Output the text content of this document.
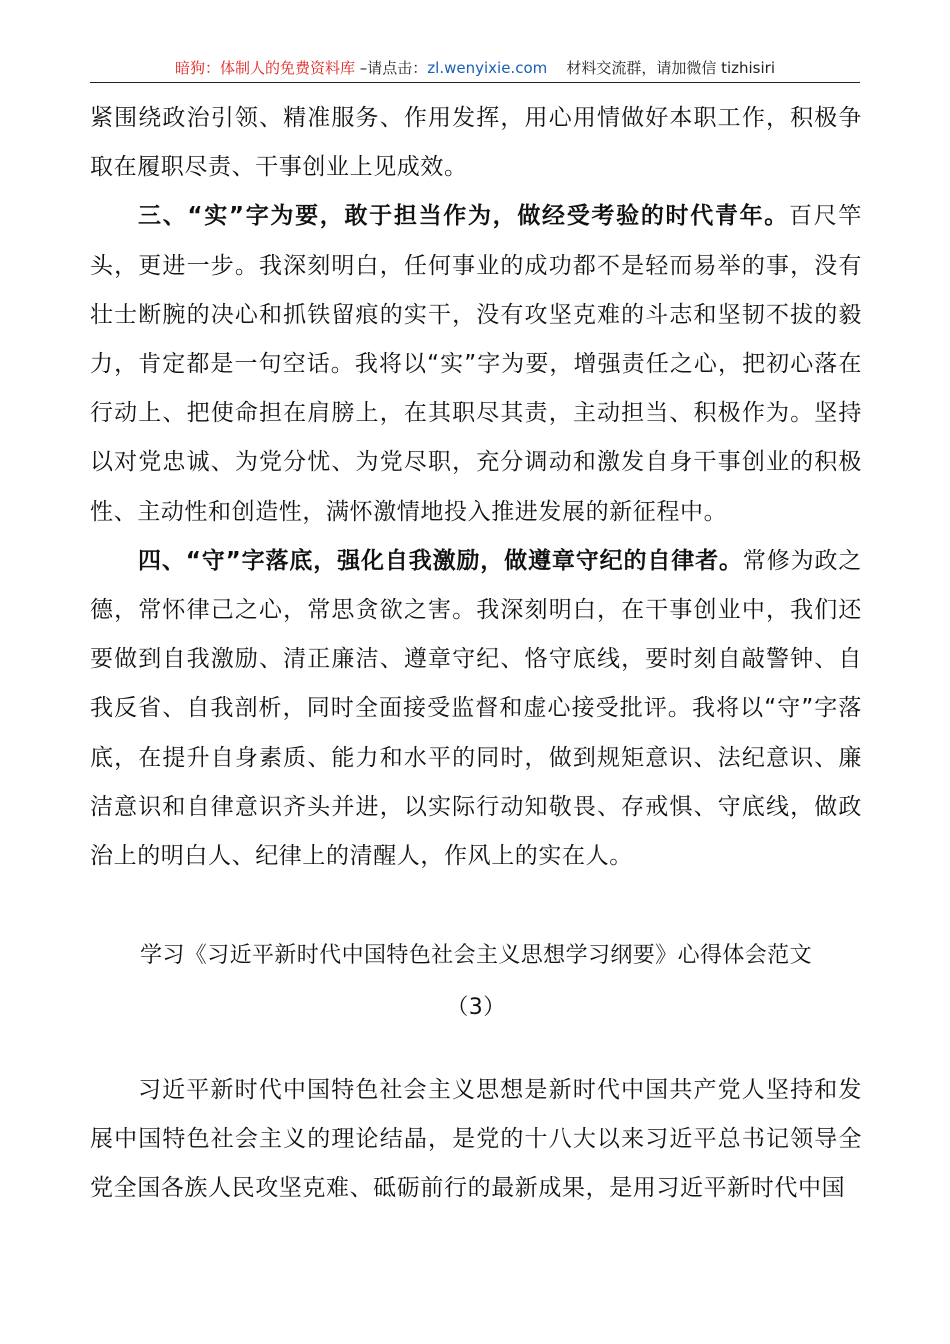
暗狗：体制人的免费资料库 –请点击：zl.wenyixie.com 材料交流群，请加微信 tizhisiri

紧围绕政治引领、精准服务、作用发挥，用心用情做好本职工作，积极争取在履职尽责、干事创业上见成效。

三、“实”字为要，敢于担当作为，做经受考验的时代青年。百尺竿头，更进一步。我深刻明白，任何事业的成功都不是轻而易举的事，没有壮士断腕的决心和抓铁留痕的实干，没有攻坚克难的斗志和坚韧不拔的毅力，肯定都是一句空话。我将以“实”字为要，增强责任之心，把初心落在行动上、把使命担在肩膀上，在其职尽其责，主动担当、积极作为。坚持以对党忠诚、为党分忧、为党尽职，充分调动和激发自身干事创业的积极性、主动性和创造性，满怀激情地投入推进发展的新征程中。

四、“守”字落底，强化自我激励，做遵章守纪的自律者。常修为政之德，常怀律己之心，常思贪欲之害。我深刻明白，在干事创业中，我们还要做到自我激励、清正廉洁、遵章守纪、恪守底线，要时刻自敲警钟、自我反省、自我剖析，同时全面接受监督和虚心接受批评。我将以“守”字落底，在提升自身素质、能力和水平的同时，做到规矩意识、法纪意识、廉洁意识和自律意识齐头并进，以实际行动知敬畏、存戒惧、守底线，做政治上的明白人、纪律上的清醒人，作风上的实在人。

学习《习近平新时代中国特色社会主义思想学习纲要》心得体会范文
（3）

习近平新时代中国特色社会主义思想是新时代中国共产党人坚持和发展中国特色社会主义的理论结晶，是党的十八大以来习近平总书记领导全党全国各族人民攻坚克难、砥砺前行的最新成果，是用习近平新时代中国
